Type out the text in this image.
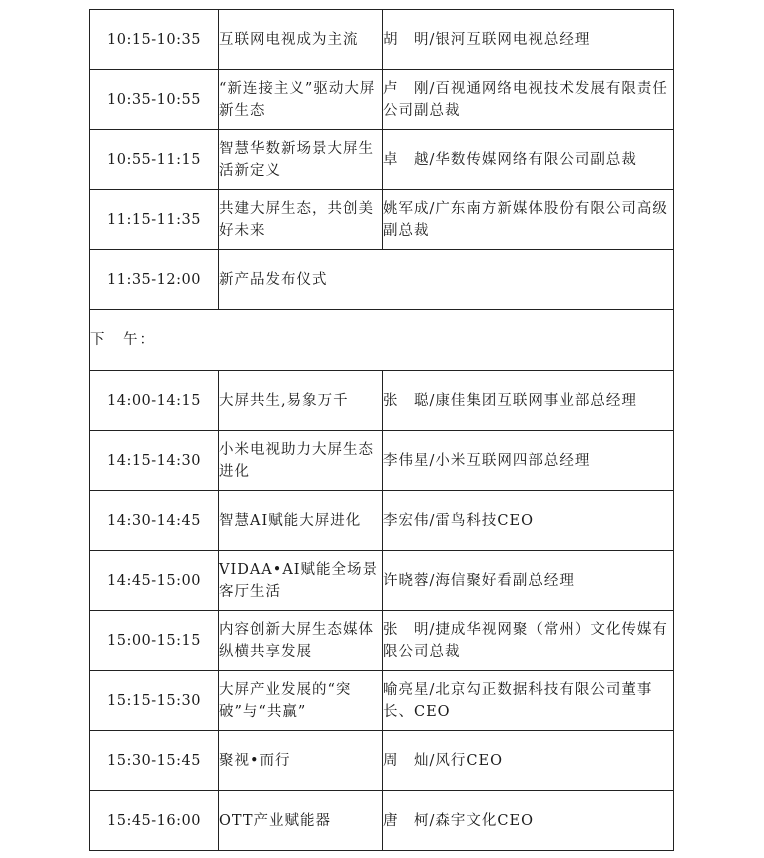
10:15-10:35	互联网电视成为主流	胡　明/银河互联网电视总经理
10:35-10:55	“新连接主义”驱动大屏新生态	卢　刚/百视通网络电视技术发展有限责任公司副总裁
10:55-11:15	智慧华数新场景大屏生活新定义	卓　越/华数传媒网络有限公司副总裁
11:15-11:35	共建大屏生态，共创美好未来	姚军成/广东南方新媒体股份有限公司高级副总裁
11:35-12:00	新产品发布仪式	
下　午：		
14:00-14:15	大屏共生,易象万千	张　聪/康佳集团互联网事业部总经理
14:15-14:30	小米电视助力大屏生态进化	李伟星/小米互联网四部总经理
14:30-14:45	智慧AI赋能大屏进化	李宏伟/雷鸟科技CEO
14:45-15:00	VIDAA•AI赋能全场景客厅生活	许晓蓉/海信聚好看副总经理
15:00-15:15	内容创新大屏生态媒体纵横共享发展	张　明/捷成华视网聚（常州）文化传媒有限公司总裁
15:15-15:30	大屏产业发展的“突破”与“共赢”	喻亮星/北京勾正数据科技有限公司董事长、CEO
15:30-15:45	聚视•而行	周　灿/风行CEO
15:45-16:00	OTT产业赋能器	唐　柯/森宇文化CEO
